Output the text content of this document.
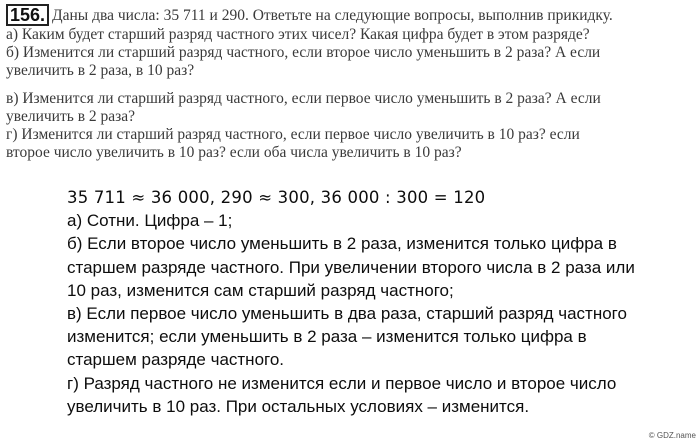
156. Даны два числа: 35 711 и 290. Ответьте на следующие вопросы, выполнив прикидку.

а) Каким будет старший разряд частного этих чисел? Какая цифра будет в этом разряде?

б) Изменится ли старший разряд частного, если второе число уменьшить в 2 раза? А если

увеличить в 2 раза, в 10 раз?

в) Изменится ли старший разряд частного, если первое число уменьшить в 2 раза? А если

увеличить в 2 раза?

г) Изменится ли старший разряд частного, если первое число увеличить в 10 раз? если

второе число увеличить в 10 раз? если оба числа увеличить в 10 раз?

35 711 ≈ 36 000, 290 ≈ 300, 36 000 : 300 = 120

а) Сотни. Цифра – 1;

б) Если второе число уменьшить в 2 раза, изменится только цифра в

старшем разряде частного. При увеличении второго числа в 2 раза или

10 раз, изменится сам старший разряд частного;

в) Если первое число уменьшить в два раза, старший разряд частного

изменится; если уменьшить в 2 раза – изменится только цифра в

старшем разряде частного.

г) Разряд частного не изменится если и первое число и второе число

увеличить в 10 раз. При остальных условиях – изменится.

© GDZ.name
